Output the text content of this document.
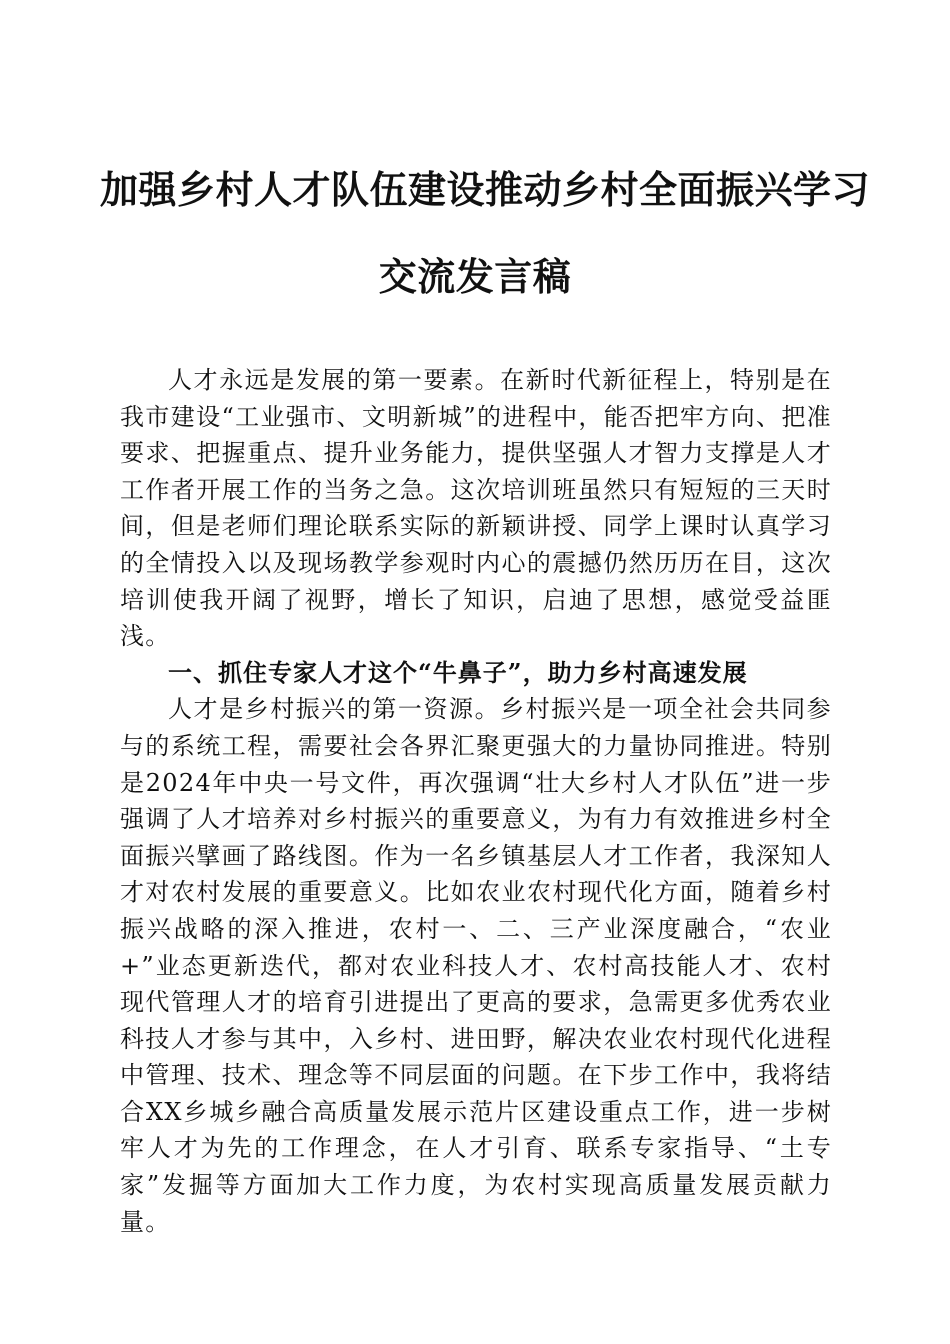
加强乡村人才队伍建设推动乡村全面振兴学习
交流发言稿

人才永远是发展的第一要素。在新时代新征程上，特别是在我市建设“工业强市、文明新城”的进程中，能否把牢方向、把准要求、把握重点、提升业务能力，提供坚强人才智力支撑是人才工作者开展工作的当务之急。这次培训班虽然只有短短的三天时间，但是老师们理论联系实际的新颖讲授、同学上课时认真学习的全情投入以及现场教学参观时内心的震撼仍然历历在目，这次培训使我开阔了视野，增长了知识，启迪了思想，感觉受益匪浅。

一、抓住专家人才这个“牛鼻子”，助力乡村高速发展

人才是乡村振兴的第一资源。乡村振兴是一项全社会共同参与的系统工程，需要社会各界汇聚更强大的力量协同推进。特别是2024年中央一号文件，再次强调“壮大乡村人才队伍”进一步强调了人才培养对乡村振兴的重要意义，为有力有效推进乡村全面振兴擘画了路线图。作为一名乡镇基层人才工作者，我深知人才对农村发展的重要意义。比如农业农村现代化方面，随着乡村振兴战略的深入推进，农村一、二、三产业深度融合，“农业+”业态更新迭代，都对农业科技人才、农村高技能人才、农村现代管理人才的培育引进提出了更高的要求，急需更多优秀农业科技人才参与其中，入乡村、进田野，解决农业农村现代化进程中管理、技术、理念等不同层面的问题。在下步工作中，我将结合XX乡城乡融合高质量发展示范片区建设重点工作，进一步树牢人才为先的工作理念，在人才引育、联系专家指导、“土专家”发掘等方面加大工作力度，为农村实现高质量发展贡献力量。
